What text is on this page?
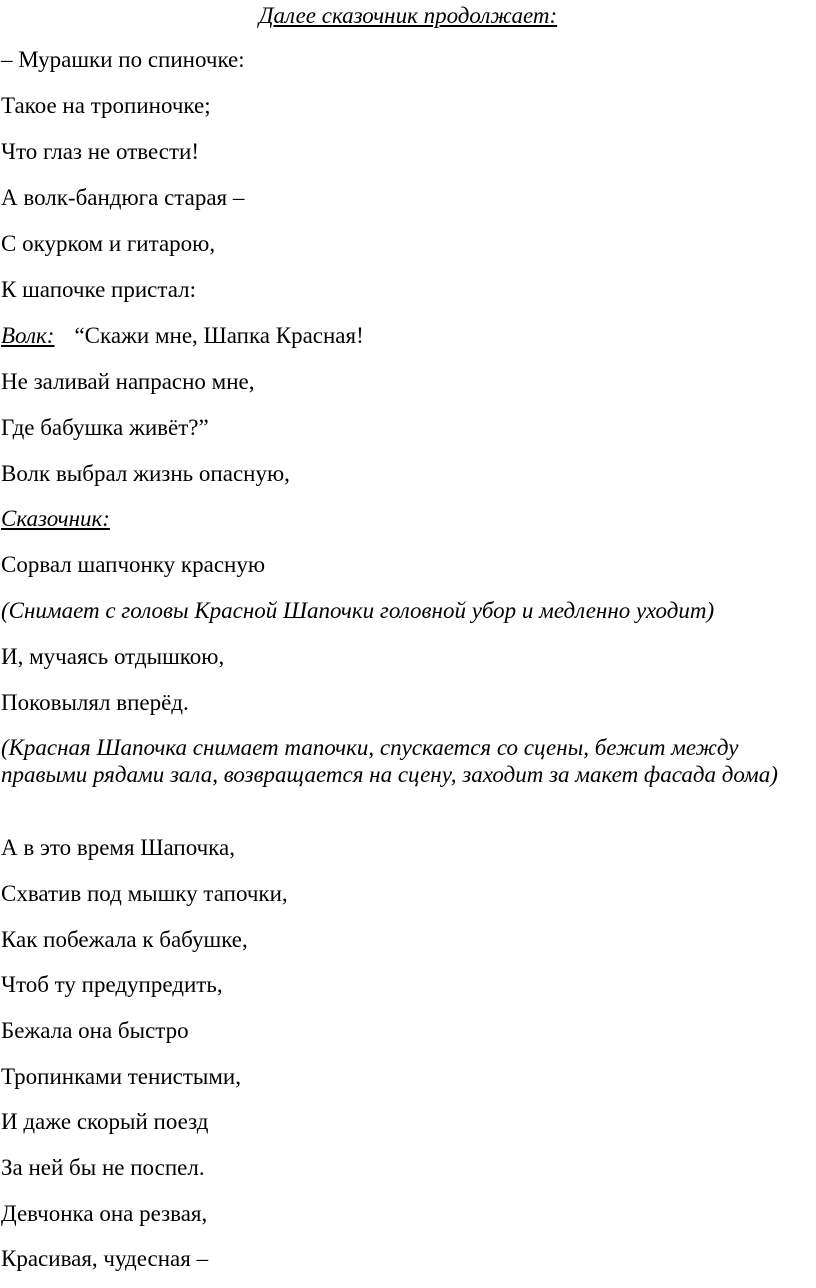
Далее сказочник продолжает:
– Мурашки по спиночке:
Такое на тропиночке;
Что глаз не отвести!
А волк-бандюга старая –
С окурком и гитарою,
К шапочке пристал:
Волк: “Скажи мне, Шапка Красная!
Не заливай напрасно мне,
Где бабушка живёт?”
Волк выбрал жизнь опасную,
Сказочник:
Сорвал шапчонку красную
(Снимает с головы Красной Шапочки головной убор и медленно уходит)
И, мучаясь отдышкою,
Поковылял вперёд.
(Красная Шапочка снимает тапочки, спускается со сцены, бежит между правыми рядами зала, возвращается на сцену, заходит за макет фасада дома)
А в это время Шапочка,
Схватив под мышку тапочки,
Как побежала к бабушке,
Чтоб ту предупредить,
Бежала она быстро
Тропинками тенистыми,
И даже скорый поезд
За ней бы не поспел.
Девчонка она резвая,
Красивая, чудесная –
